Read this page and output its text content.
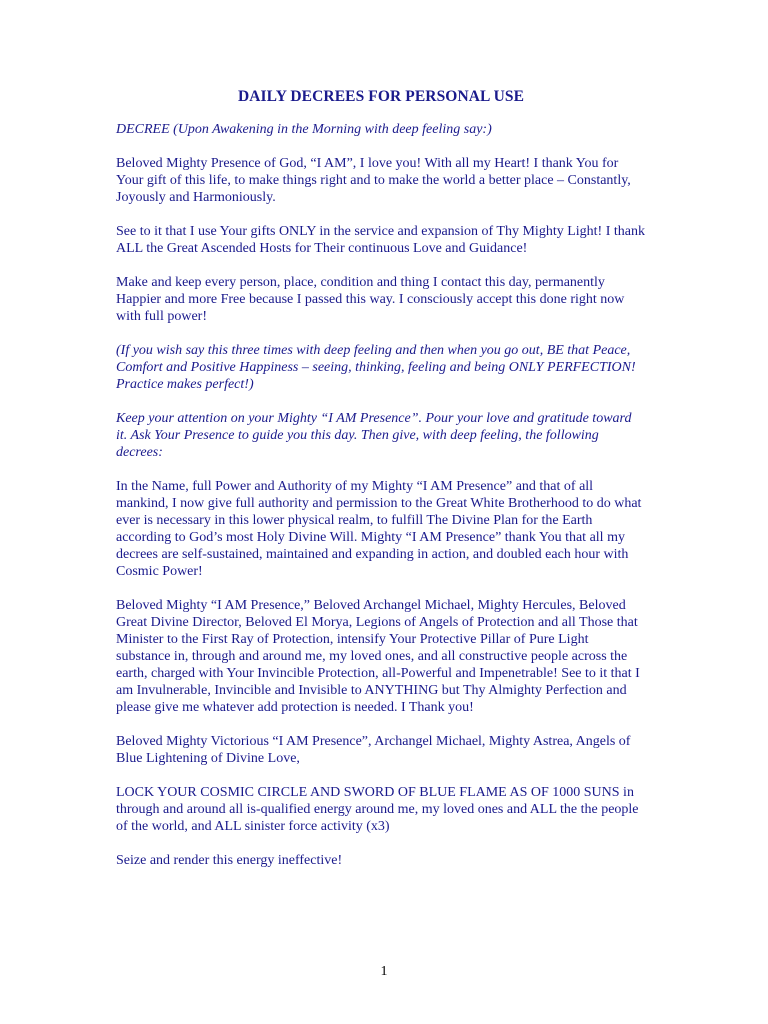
DAILY DECREES FOR PERSONAL USE

DECREE (Upon Awakening in the Morning with deep feeling say:)

Beloved Mighty Presence of God, “I AM”, I love you! With all my Heart! I thank You for Your gift of this life, to make things right and to make the world a better place – Constantly, Joyously and Harmoniously.

See to it that I use Your gifts ONLY in the service and expansion of Thy Mighty Light! I thank ALL the Great Ascended Hosts for Their continuous Love and Guidance!

Make and keep every person, place, condition and thing I contact this day, permanently Happier and more Free because I passed this way. I consciously accept this done right now with full power!

(If you wish say this three times with deep feeling and then when you go out, BE that Peace, Comfort and Positive Happiness – seeing, thinking, feeling and being ONLY PERFECTION! Practice makes perfect!)

Keep your attention on your Mighty “I AM Presence”. Pour your love and gratitude toward it. Ask Your Presence to guide you this day. Then give, with deep feeling, the following decrees:

In the Name, full Power and Authority of my Mighty “I AM Presence” and that of all mankind, I now give full authority and permission to the Great White Brotherhood to do what ever is necessary in this lower physical realm, to fulfill The Divine Plan for the Earth according to God’s most Holy Divine Will. Mighty “I AM Presence” thank You that all my decrees are self-sustained, maintained and expanding in action, and doubled each hour with Cosmic Power!

Beloved Mighty “I AM Presence,” Beloved Archangel Michael, Mighty Hercules, Beloved Great Divine Director, Beloved El Morya, Legions of Angels of Protection and all Those that Minister to the First Ray of Protection, intensify Your Protective Pillar of Pure Light substance in, through and around me, my loved ones, and all constructive people across the earth, charged with Your Invincible Protection, all-Powerful and Impenetrable! See to it that I am Invulnerable, Invincible and Invisible to ANYTHING but Thy Almighty Perfection and please give me whatever add protection is needed. I Thank you!

Beloved Mighty Victorious “I AM Presence”, Archangel Michael, Mighty Astrea, Angels of Blue Lightening of Divine Love,

LOCK YOUR COSMIC CIRCLE AND SWORD OF BLUE FLAME AS OF 1000 SUNS in through and around all is-qualified energy around me, my loved ones and ALL the the people of the world, and ALL sinister force activity (x3)

Seize and render this energy ineffective!

1
